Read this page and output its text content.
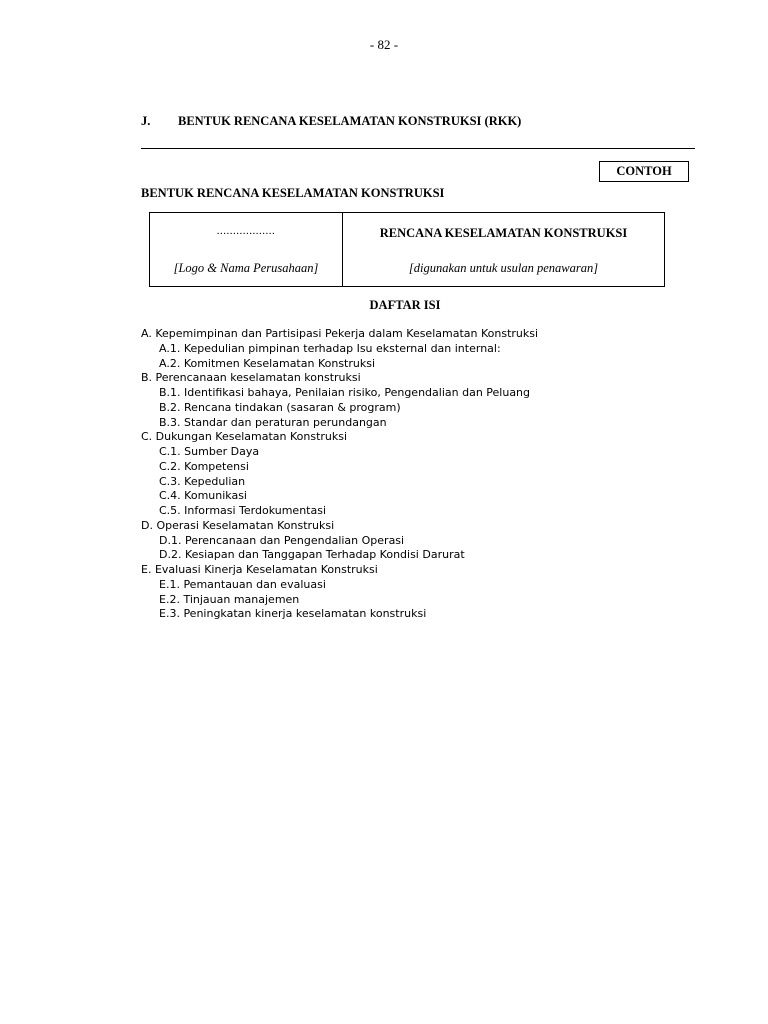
- 82 -
J. BENTUK RENCANA KESELAMATAN KONSTRUKSI (RKK)
CONTOH
BENTUK RENCANA KESELAMATAN KONSTRUKSI
..................
[Logo & Nama Perusahaan]
RENCANA KESELAMATAN KONSTRUKSI
[digunakan untuk usulan penawaran]
DAFTAR ISI
A. Kepemimpinan dan Partisipasi Pekerja dalam Keselamatan Konstruksi
A.1. Kepedulian pimpinan terhadap Isu eksternal dan internal:
A.2. Komitmen Keselamatan Konstruksi
B. Perencanaan keselamatan konstruksi
B.1. Identifikasi bahaya, Penilaian risiko, Pengendalian dan Peluang
B.2. Rencana tindakan (sasaran & program)
B.3. Standar dan peraturan perundangan
C. Dukungan Keselamatan Konstruksi
C.1. Sumber Daya
C.2. Kompetensi
C.3. Kepedulian
C.4. Komunikasi
C.5. Informasi Terdokumentasi
D. Operasi Keselamatan Konstruksi
D.1. Perencanaan dan Pengendalian Operasi
D.2. Kesiapan dan Tanggapan Terhadap Kondisi Darurat
E. Evaluasi Kinerja Keselamatan Konstruksi
E.1. Pemantauan dan evaluasi
E.2. Tinjauan manajemen
E.3. Peningkatan kinerja keselamatan konstruksi
